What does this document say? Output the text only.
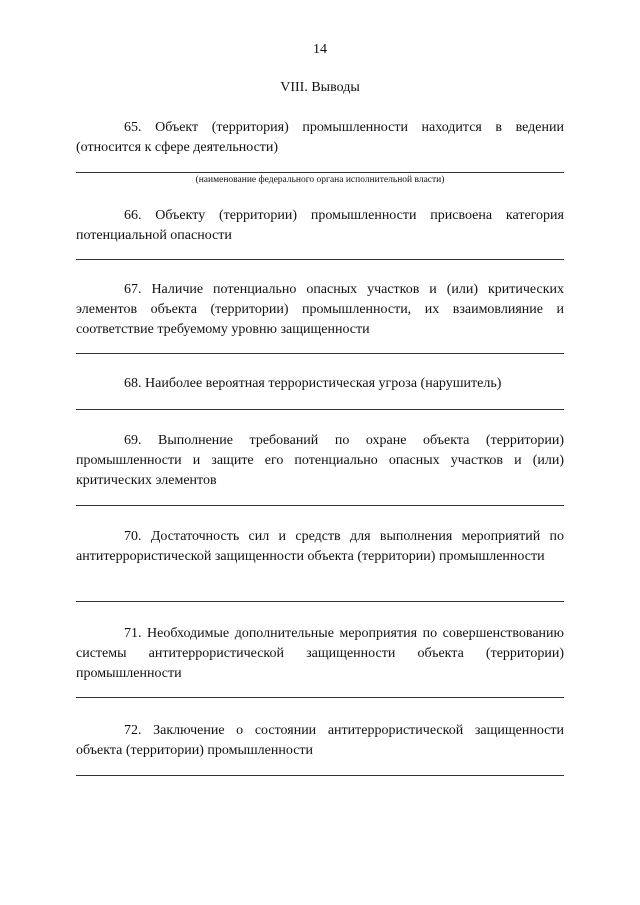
14
VIII. Выводы
65. Объект (территория) промышленности находится в ведении (относится к сфере деятельности)
(наименование федерального органа исполнительной власти)
66. Объекту (территории) промышленности присвоена категория потенциальной опасности
67. Наличие потенциально опасных участков и (или) критических элементов объекта (территории) промышленности, их взаимовлияние и соответствие требуемому уровню защищенности
68. Наиболее вероятная террористическая угроза (нарушитель)
69. Выполнение требований по охране объекта (территории) промышленности и защите его потенциально опасных участков и (или) критических элементов
70. Достаточность сил и средств для выполнения мероприятий по антитеррористической защищенности объекта (территории) промышленности
71. Необходимые дополнительные мероприятия по совершенствованию системы антитеррористической защищенности объекта (территории) промышленности
72. Заключение о состоянии антитеррористической защищенности объекта (территории) промышленности
